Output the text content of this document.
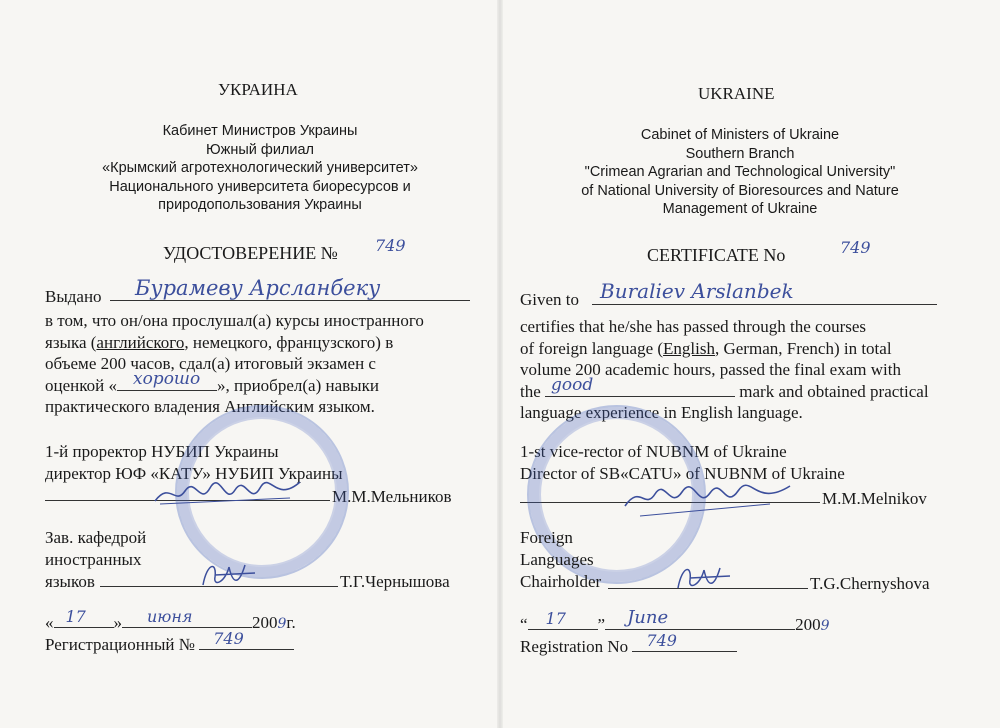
УКРАИНА
Кабинет Министров Украины
Южный филиал
«Крымский агротехнологический университет»
Национального университета биоресурсов и
природопользования Украины
УДОСТОВЕРЕНИЕ № 749
Выдано Бурамеву Арсланбеку
в том, что он/она прослушал(а) курсы иностранного
языка (английского, немецкого, французского) в
объеме 200 часов, сдал(а) итоговый экзамен с
оценкой « хорошо », приобрел(а) навыки
практического владения Английским языком.
1-й проректор НУБИП Украины
директор ЮФ «КАТУ» НУБИП Украины
М.М.Мельников
Зав. кафедрой
иностранных
языков	Т.Г.Чернышова
« 17 » июня	2009г.
Регистрационный № 749
UKRAINE
Cabinet of Ministers of Ukraine
Southern Branch
"Crimean Agrarian and Technological University"
of National University of Bioresources and Nature
Management of Ukraine
CERTIFICATE No	749
Given to Buraliev Arslanbek
certifies that he/she has passed through the courses
of foreign language (English, German, French) in total
volume 200 academic hours, passed the final exam with
the good	mark and obtained practical
language experience in English language.
1-st vice-rector of NUBNM of Ukraine
Director of SB«CATU» of NUBNM of Ukraine
M.M.Melnikov
Foreign
Languages
Chairholder	T.G.Chernyshova
“ 17 ” June	2009
Registration No 749
